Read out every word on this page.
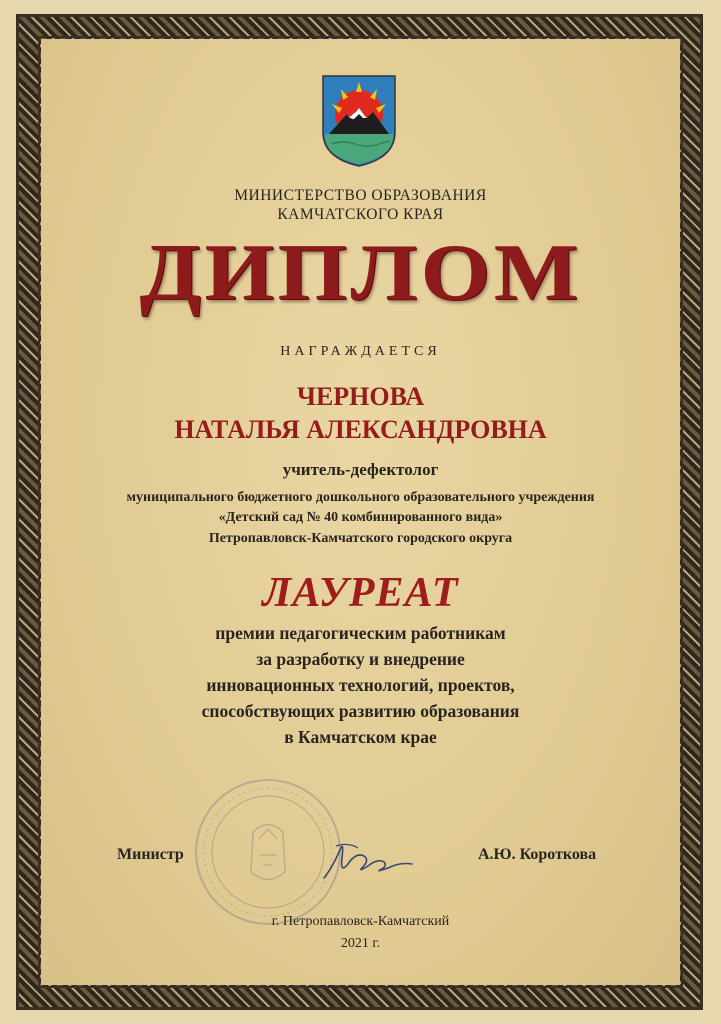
МИНИСТЕРСТВО ОБРАЗОВАНИЯ
КАМЧАТСКОГО КРАЯ
ДИПЛОМ
НАГРАЖДАЕТСЯ
ЧЕРНОВА
НАТАЛЬЯ АЛЕКСАНДРОВНА
учитель-дефектолог
муниципального бюджетного дошкольного образовательного учреждения
«Детский сад № 40 комбинированного вида»
Петропавловск-Камчатского городского округа
ЛАУРЕАТ
премии педагогическим работникам
за разработку и внедрение
инновационных технологий, проектов,
способствующих развитию образования
в Камчатском крае
Министр	А.Ю. Короткова
г. Петропавловск-Камчатский
2021 г.
